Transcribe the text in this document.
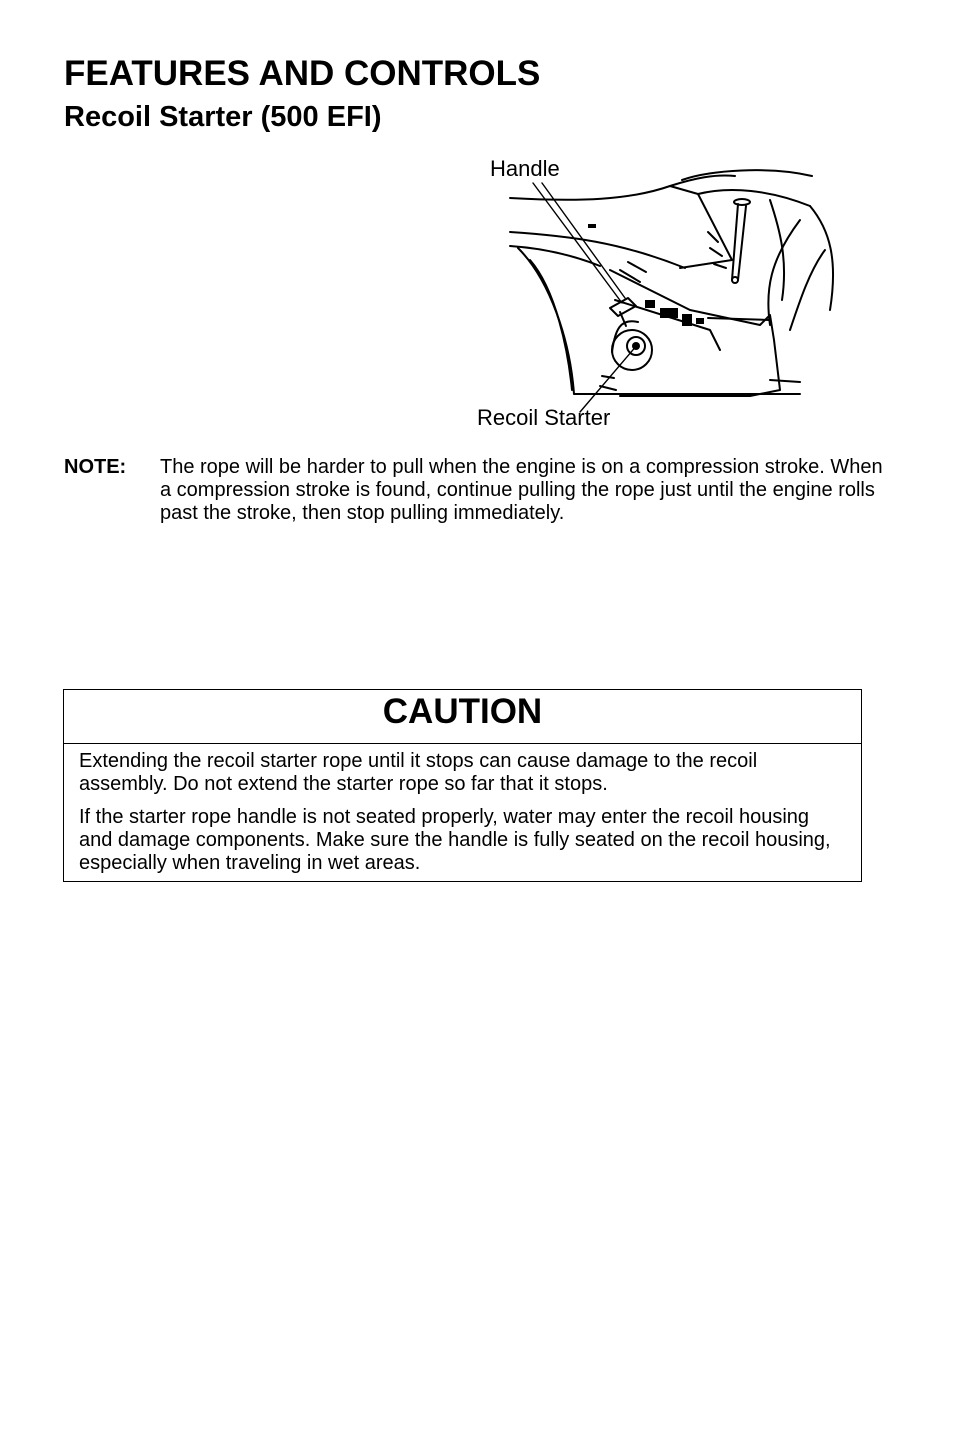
FEATURES AND CONTROLS
Recoil Starter (500 EFI)
Handle
Recoil Starter
NOTE: The rope will be harder to pull when the engine is on a compression stroke. When a compression stroke is found, continue pulling the rope just until the engine rolls past the stroke, then stop pulling immediately.
CAUTION

Extending the recoil starter rope until it stops can cause damage to the recoil assembly. Do not extend the starter rope so far that it stops.

If the starter rope handle is not seated properly, water may enter the recoil housing and damage components. Make sure the handle is fully seated on the recoil housing, especially when traveling in wet areas.
